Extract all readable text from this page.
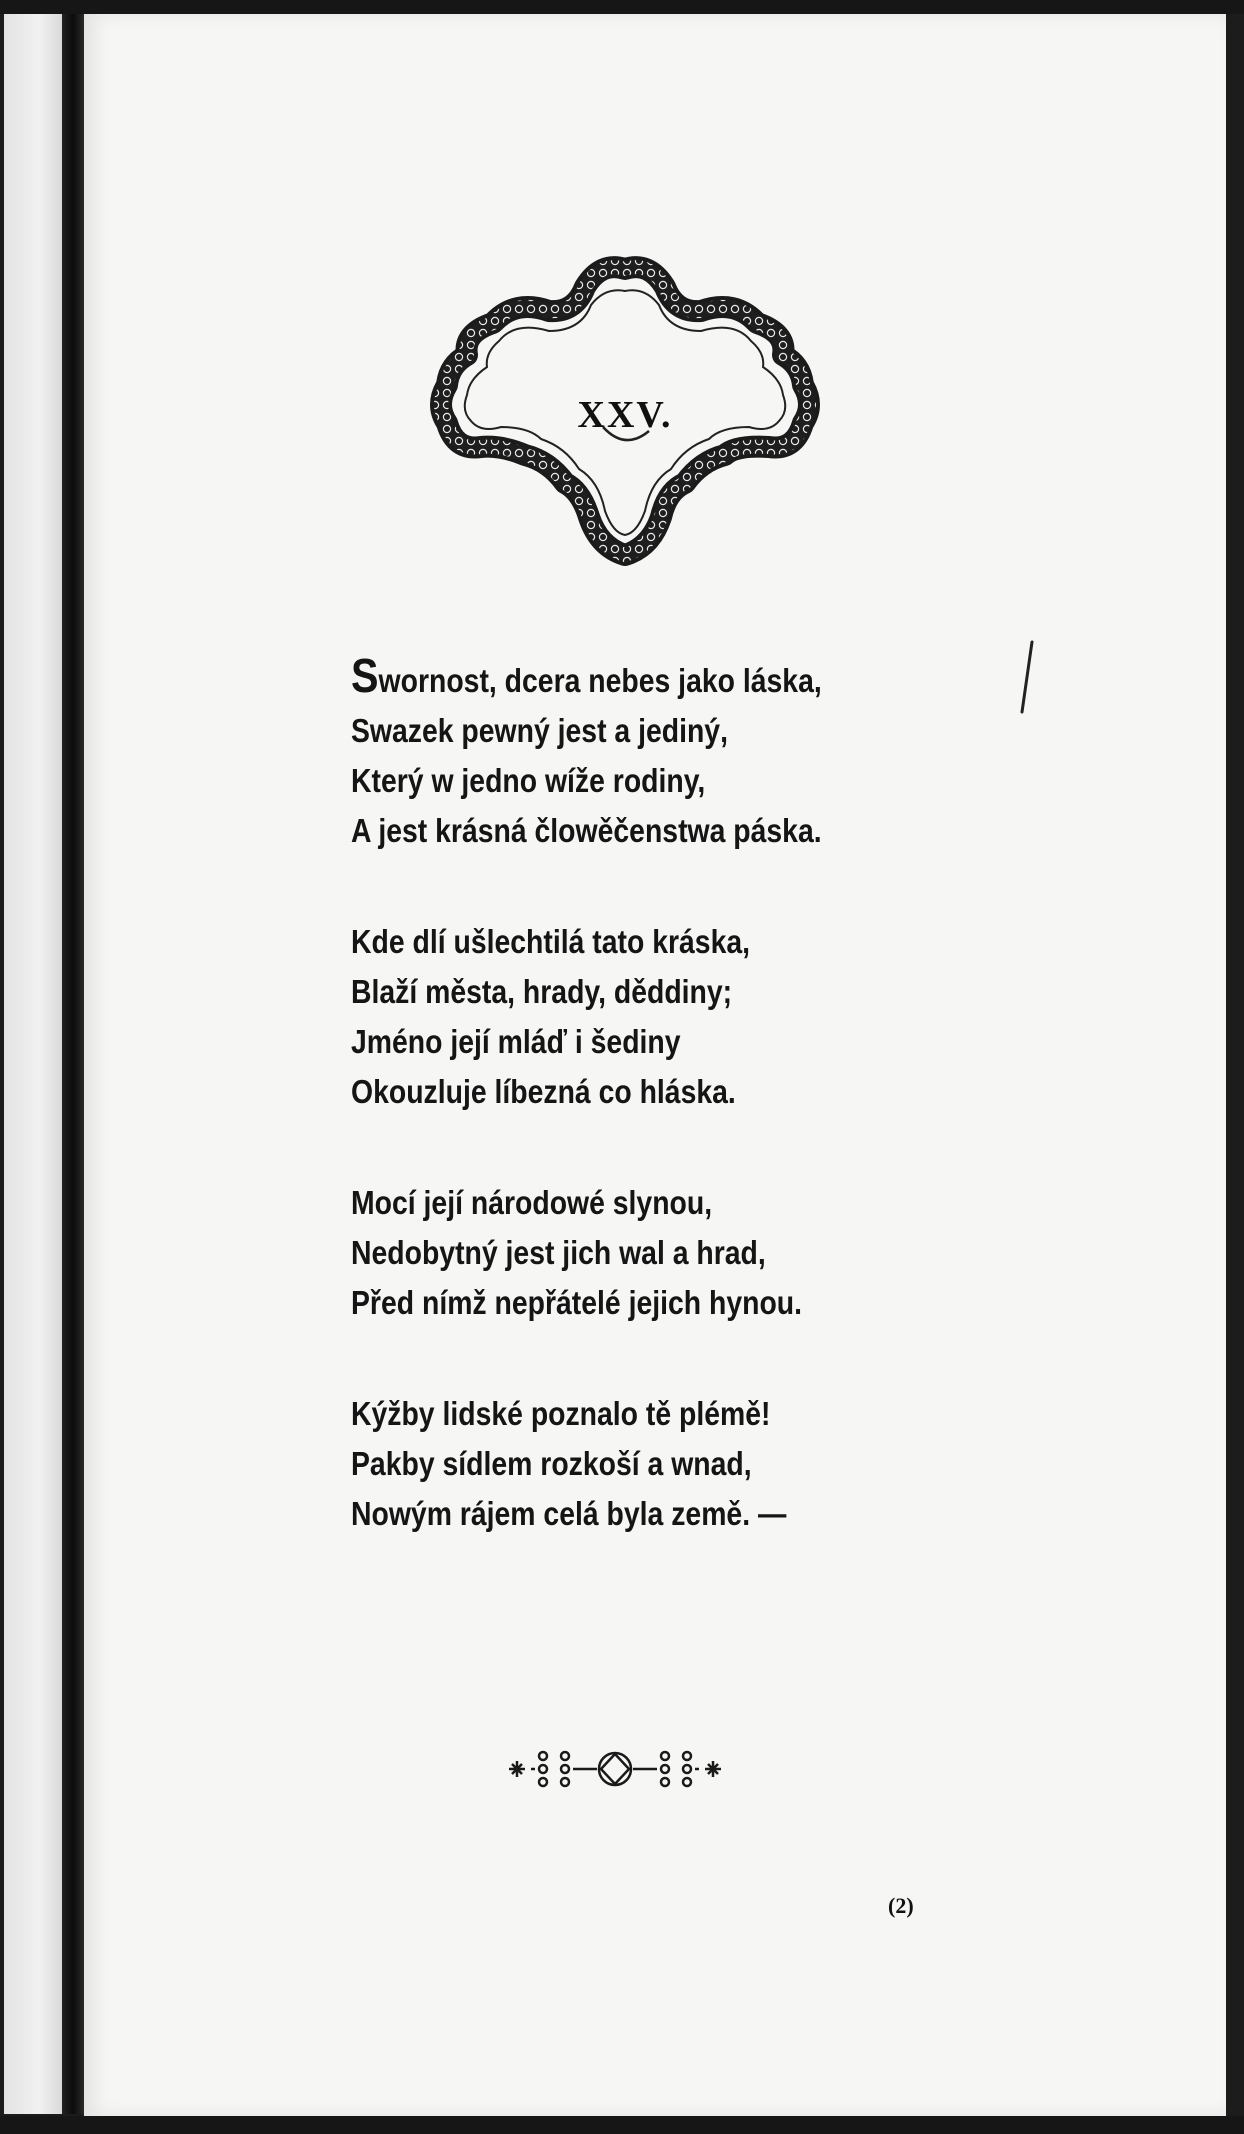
XXV.
Swornost, dcera nebes jako láska,
Swazek pewný jest a jediný,
Který w jedno wíže rodiny,
A jest krásná člowěčenstwa páska.
Kde dlí ušlechtilá tato kráska,
Blaží města, hrady, děddiny;
Jméno její mláď i šediny
Okouzluje líbezná co hláska.
Mocí její národowé slynou,
Nedobytný jest jich wal a hrad,
Před nímž nepřátelé jejich hynou.
Kýžby lidské poznalo tě plémě!
Pakby sídlem rozkoší a wnad,
Nowým rájem celá byla země. —
(2)
